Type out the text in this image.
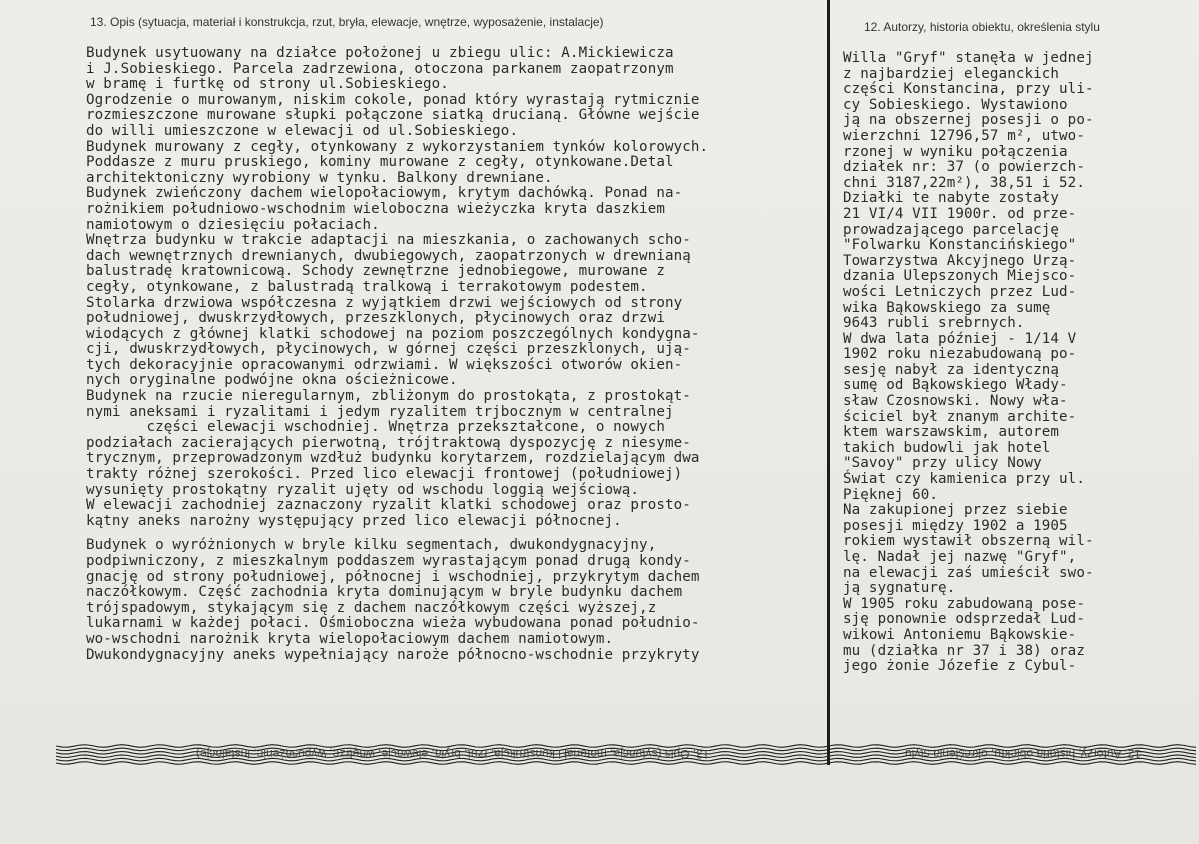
13. Opis (sytuacja, materiał i konstrukcja, rzut, bryła, elewacje, wnętrze, wyposażenie, instalacje)	12. Autorzy, historia obiektu, określenia stylu
Budynek usytuowany na działce położonej u zbiegu ulic: A.Mickiewicza
i J.Sobieskiego. Parcela zadrzewiona, otoczona parkanem zaopatrzonym
w bramę i furtkę od strony ul.Sobieskiego.
Ogrodzenie o murowanym, niskim cokole, ponad który wyrastają rytmicznie
rozmieszczone murowane słupki połączone siatką drucianą. Główne wejście
do willi umieszczone w elewacji od ul.Sobieskiego.
Budynek murowany z cegły, otynkowany z wykorzystaniem tynków kolorowych.
Poddasze z muru pruskiego, kominy murowane z cegły, otynkowane.Detal
architektoniczny wyrobiony w tynku. Balkony drewniane.
Budynek zwieńczony dachem wielopołaciowym, krytym dachówką. Ponad na-
rożnikiem południowo-wschodnim wieloboczna wieżyczka kryta daszkiem
namiotowym o dziesięciu połaciach.
Wnętrza budynku w trakcie adaptacji na mieszkania, o zachowanych scho-
dach wewnętrznych drewnianych, dwubiegowych, zaopatrzonych w drewnianą
balustradę kratownicową. Schody zewnętrzne jednobiegowe, murowane z
cegły, otynkowane, z balustradą tralkową i terrakotowym podestem.
Stolarka drzwiowa współczesna z wyjątkiem drzwi wejściowych od strony
południowej, dwuskrzydłowych, przeszklonych, płycinowych oraz drzwi
wiodących z głównej klatki schodowej na poziom poszczególnych kondygna-
cji, dwuskrzydłowych, płycinowych, w górnej części przeszklonych, ują-
tych dekoracyjnie opracowanymi odrzwiami. W większości otworów okien-
nych oryginalne podwójne okna ościeżnicowe.
Budynek na rzucie nieregularnym, zbliżonym do prostokąta, z prostokąt-
nymi aneksami i ryzalitami i jedym ryzalitem trjbocznym w centralnej
części elewacji wschodniej. Wnętrza przekształcone, o nowych
podziałach zacierających pierwotną, trójtraktową dyspozycję z niesyme-
trycznym, przeprowadzonym wzdłuż budynku korytarzem, rozdzielającym dwa
trakty różnej szerokości. Przed lico elewacji frontowej (południowej)
wysunięty prostokątny ryzalit ujęty od wschodu loggią wejściową.
W elewacji zachodniej zaznaczony ryzalit klatki schodowej oraz prosto-
kątny aneks narożny występujący przed lico elewacji północnej.
Budynek o wyróżnionych w bryle kilku segmentach, dwukondygnacyjny,
podpiwniczony, z mieszkalnym poddaszem wyrastającym ponad drugą kondy-
gnację od strony południowej, północnej i wschodniej, przykrytym dachem
naczółkowym. Część zachodnia kryta dominującym w bryle budynku dachem
trójspadowym, stykającym się z dachem naczółkowym części wyższej,z
lukarnami w każdej połaci. Ośmioboczna wieża wybudowana ponad południo-
wo-wschodni narożnik kryta wielopołaciowym dachem namiotowym.
Dwukondygnacyjny aneks wypełniający naroże północno-wschodnie przykryty
Willa "Gryf" stanęła w jednej
z najbardziej eleganckich
części Konstancina, przy uli-
cy Sobieskiego. Wystawiono
ją na obszernej posesji o po-
wierzchni 12796,57 m², utwo-
rzonej w wyniku połączenia
działek nr: 37 (o powierzch-
chni 3187,22m²), 38,51 i 52.
Działki te nabyte zostały
21 VI/4 VII 1900r. od prze-
prowadzającego parcelację
"Folwarku Konstancińskiego"
Towarzystwa Akcyjnego Urzą-
dzania Ulepszonych Miejsco-
wości Letniczych przez Lud-
wika Bąkowskiego za sumę
9643 rubli srebrnych.
W dwa lata później - 1/14 V
1902 roku niezabudowaną po-
sesję nabył za identyczną
sumę od Bąkowskiego Włady-
sław Czosnowski. Nowy wła-
ściciel był znanym archite-
ktem warszawskim, autorem
takich budowli jak hotel
"Savoy" przy ulicy Nowy
Świat czy kamienica przy ul.
Pięknej 60.
Na zakupionej przez siebie
posesji między 1902 a 1905
rokiem wystawił obszerną wil-
lę. Nadał jej nazwę "Gryf",
na elewacji zaś umieścił swo-
ją sygnaturę.
W 1905 roku zabudowaną pose-
sję ponownie odsprzedał Lud-
wikowi Antoniemu Bąkowskie-
mu (działka nr 37 i 38) oraz
jego żonie Józefie z Cybul-
13. Opis (sytuacja, materiał i konstrukcja, rzut, bryła, elewacje, wnętrze, wyposażenie, instalacje)	12. Autorzy, historia obiektu, określenia stylu
